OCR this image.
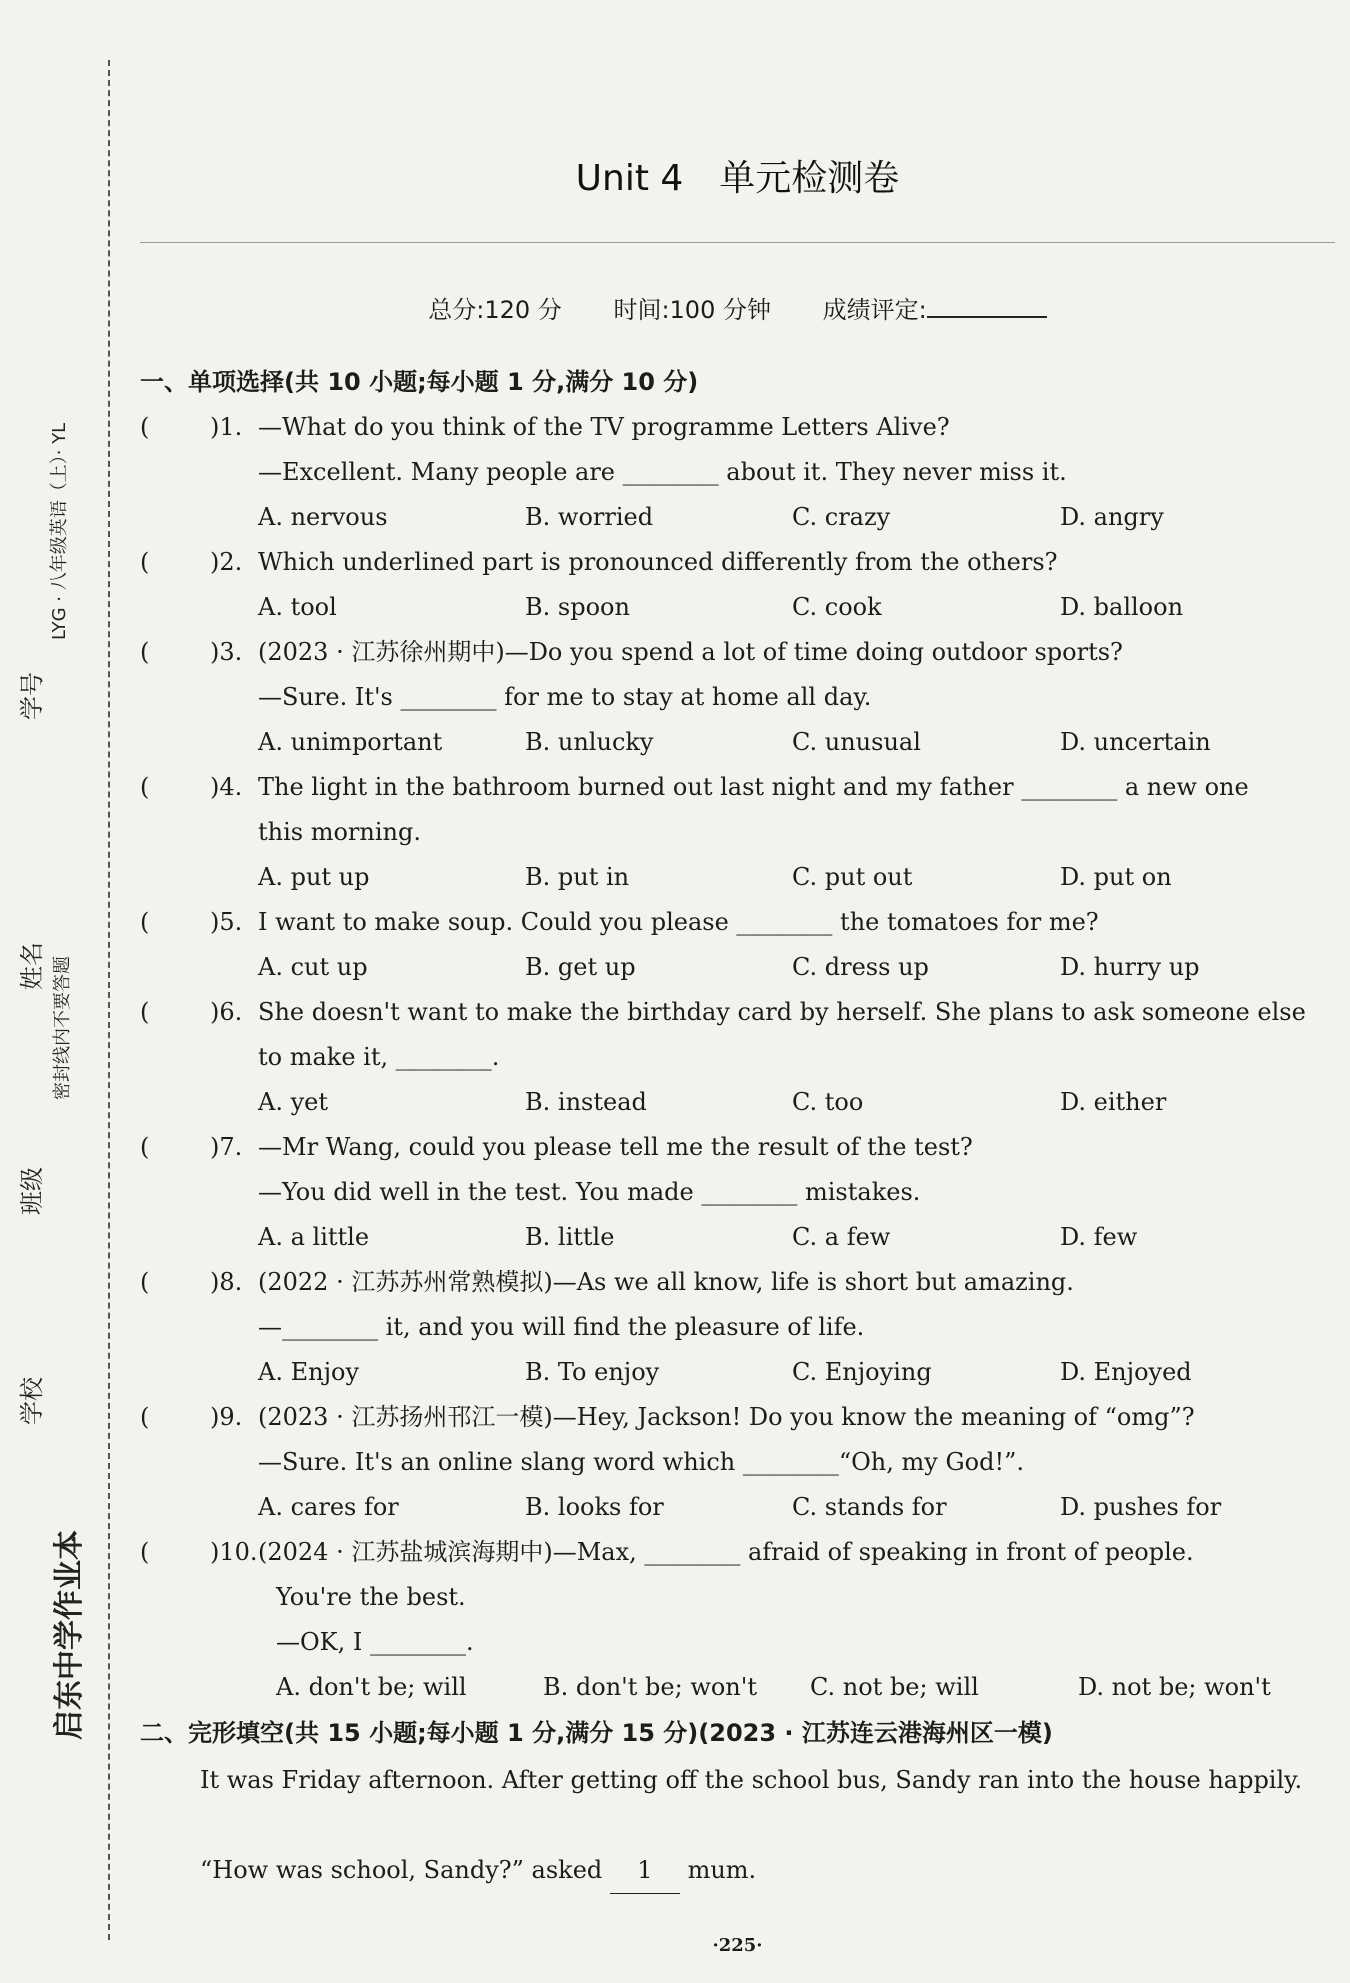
LYG · 八年级英语（上）· YL
学号
姓名 密封线内不要答题
班级
学校
启东中学作业本
Unit 4　单元检测卷
总分:120 分 时间:100 分钟 成绩评定:
一、单项选择(共 10 小题;每小题 1 分,满分 10 分)
(	)1. —What do you think of the TV programme Letters Alive?
—Excellent. Many people are ________ about it. They never miss it.
A. nervous	B. worried	C. crazy	D. angry
(	)2. Which underlined part is pronounced differently from the others?
A. tool	B. spoon	C. cook	D. balloon
(	)3. (2023 · 江苏徐州期中)—Do you spend a lot of time doing outdoor sports?
—Sure. It's ________ for me to stay at home all day.
A. unimportant	B. unlucky	C. unusual	D. uncertain
(	)4. The light in the bathroom burned out last night and my father ________ a new one
this morning.
A. put up	B. put in	C. put out	D. put on
(	)5. I want to make soup. Could you please ________ the tomatoes for me?
A. cut up	B. get up	C. dress up	D. hurry up
(	)6. She doesn't want to make the birthday card by herself. She plans to ask someone else
to make it, ________.
A. yet	B. instead	C. too	D. either
(	)7. —Mr Wang, could you please tell me the result of the test?
—You did well in the test. You made ________ mistakes.
A. a little	B. little	C. a few	D. few
(	)8. (2022 · 江苏苏州常熟模拟)—As we all know, life is short but amazing.
—________ it, and you will find the pleasure of life.
A. Enjoy	B. To enjoy	C. Enjoying	D. Enjoyed
(	)9. (2023 · 江苏扬州邗江一模)—Hey, Jackson! Do you know the meaning of “omg”?
—Sure. It's an online slang word which ________“Oh, my God!”.
A. cares for	B. looks for	C. stands for	D. pushes for
(	)10. (2024 · 江苏盐城滨海期中)—Max, ________ afraid of speaking in front of people.
You're the best.
—OK, I ________.
A. don't be; will	B. don't be; won't C. not be; will	D. not be; won't
二、完形填空(共 15 小题;每小题 1 分,满分 15 分)(2023 · 江苏连云港海州区一模)
It was Friday afternoon. After getting off the school bus, Sandy ran into the house happily.
“How was school, Sandy?” asked 1 mum.
·225·
